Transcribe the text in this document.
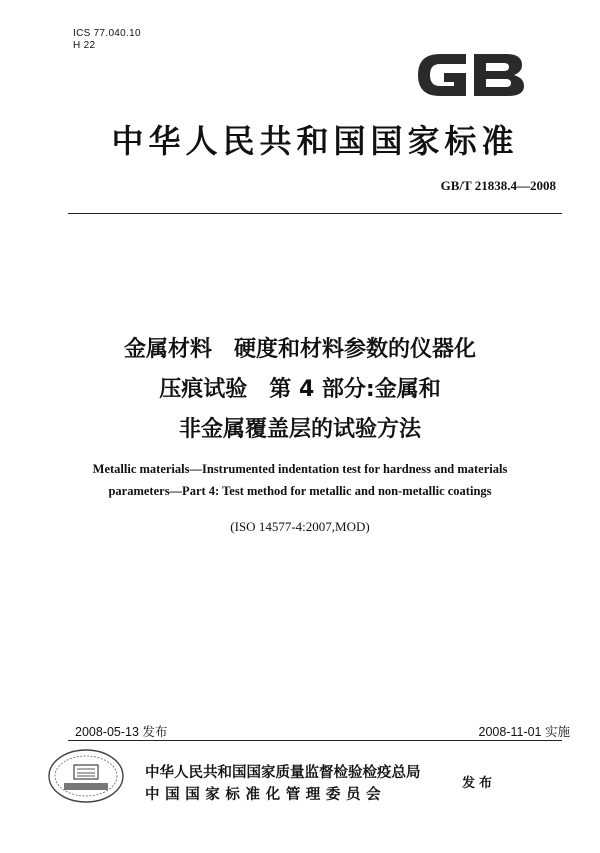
ICS 77.040.10
H 22
中华人民共和国国家标准
GB/T 21838.4—2008
金属材料　硬度和材料参数的仪器化
压痕试验　第 4 部分:金属和
非金属覆盖层的试验方法
Metallic materials—Instrumented indentation test for hardness and materials
parameters—Part 4: Test method for metallic and non-metallic coatings
(ISO 14577-4:2007,MOD)
2008-05-13 发布	2008-11-01 实施
中华人民共和国国家质量监督检验检疫总局
中国国家标准化管理委员会
发布
